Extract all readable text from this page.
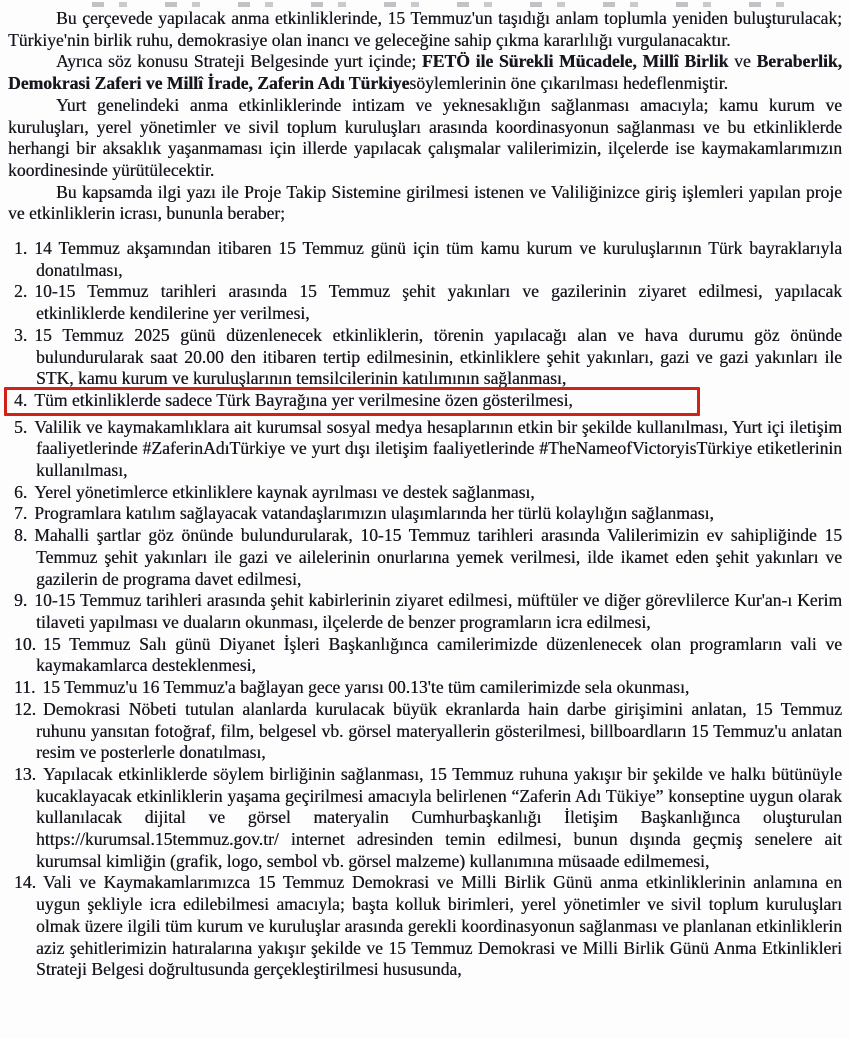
Bu çerçevede yapılacak anma etkinliklerinde, 15 Temmuz'un taşıdığı anlam toplumla yeniden buluşturulacak; Türkiye'nin birlik ruhu, demokrasiye olan inancı ve geleceğine sahip çıkma kararlılığı vurgulanacaktır.

Ayrıca söz konusu Strateji Belgesinde yurt içinde; FETÖ ile Sürekli Mücadele, Millî Birlik ve Beraberlik, Demokrasi Zaferi ve Millî İrade, Zaferin Adı Türkiyesöylemlerinin öne çıkarılması hedeflenmiştir.

Yurt genelindeki anma etkinliklerinde intizam ve yeknesaklığın sağlanması amacıyla; kamu kurum ve kuruluşları, yerel yönetimler ve sivil toplum kuruluşları arasında koordinasyonun sağlanması ve bu etkinliklerde herhangi bir aksaklık yaşanmaması için illerde yapılacak çalışmalar valilerimizin, ilçelerde ise kaymakamlarımızın koordinesinde yürütülecektir.

Bu kapsamda ilgi yazı ile Proje Takip Sistemine girilmesi istenen ve Valiliğinizce giriş işlemleri yapılan proje ve etkinliklerin icrası, bununla beraber;

1. 14 Temmuz akşamından itibaren 15 Temmuz günü için tüm kamu kurum ve kuruluşlarının Türk bayraklarıyla donatılması,
2. 10-15 Temmuz tarihleri arasında 15 Temmuz şehit yakınları ve gazilerinin ziyaret edilmesi, yapılacak etkinliklerde kendilerine yer verilmesi,
3. 15 Temmuz 2025 günü düzenlenecek etkinliklerin, törenin yapılacağı alan ve hava durumu göz önünde bulundurularak saat 20.00 den itibaren tertip edilmesinin, etkinliklere şehit yakınları, gazi ve gazi yakınları ile STK, kamu kurum ve kuruluşlarının temsilcilerinin katılımının sağlanması,
4. Tüm etkinliklerde sadece Türk Bayrağına yer verilmesine özen gösterilmesi,
5. Valilik ve kaymakamlıklara ait kurumsal sosyal medya hesaplarının etkin bir şekilde kullanılması, Yurt içi iletişim faaliyetlerinde #ZaferinAdıTürkiye ve yurt dışı iletişim faaliyetlerinde #TheNameofVictoryisTürkiye etiketlerinin kullanılması,
6. Yerel yönetimlerce etkinliklere kaynak ayrılması ve destek sağlanması,
7. Programlara katılım sağlayacak vatandaşlarımızın ulaşımlarında her türlü kolaylığın sağlanması,
8. Mahalli şartlar göz önünde bulundurularak, 10-15 Temmuz tarihleri arasında Valilerimizin ev sahipliğinde 15 Temmuz şehit yakınları ile gazi ve ailelerinin onurlarına yemek verilmesi, ilde ikamet eden şehit yakınları ve gazilerin de programa davet edilmesi,
9. 10-15 Temmuz tarihleri arasında şehit kabirlerinin ziyaret edilmesi, müftüler ve diğer görevlilerce Kur'an-ı Kerim tilaveti yapılması ve duaların okunması, ilçelerde de benzer programların icra edilmesi,
10. 15 Temmuz Salı günü Diyanet İşleri Başkanlığınca camilerimizde düzenlenecek olan programların vali ve kaymakamlarca desteklenmesi,
11. 15 Temmuz'u 16 Temmuz'a bağlayan gece yarısı 00.13'te tüm camilerimizde sela okunması,
12. Demokrasi Nöbeti tutulan alanlarda kurulacak büyük ekranlarda hain darbe girişimini anlatan, 15 Temmuz ruhunu yansıtan fotoğraf, film, belgesel vb. görsel materyallerin gösterilmesi, billboardların 15 Temmuz'u anlatan resim ve posterlerle donatılması,
13. Yapılacak etkinliklerde söylem birliğinin sağlanması, 15 Temmuz ruhuna yakışır bir şekilde ve halkı bütünüyle kucaklayacak etkinliklerin yaşama geçirilmesi amacıyla belirlenen “Zaferin Adı Tükiye” konseptine uygun olarak kullanılacak dijital ve görsel materyalin Cumhurbaşkanlığı İletişim Başkanlığınca oluşturulan https://kurumsal.15temmuz.gov.tr/ internet adresinden temin edilmesi, bunun dışında geçmiş senelere ait kurumsal kimliğin (grafik, logo, sembol vb. görsel malzeme) kullanımına müsaade edilmemesi,
14. Vali ve Kaymakamlarımızca 15 Temmuz Demokrasi ve Milli Birlik Günü anma etkinliklerinin anlamına en uygun şekliyle icra edilebilmesi amacıyla; başta kolluk birimleri, yerel yönetimler ve sivil toplum kuruluşları olmak üzere ilgili tüm kurum ve kuruluşlar arasında gerekli koordinasyonun sağlanması ve planlanan etkinliklerin aziz şehitlerimizin hatıralarına yakışır şekilde ve 15 Temmuz Demokrasi ve Milli Birlik Günü Anma Etkinlikleri Strateji Belgesi doğrultusunda gerçekleştirilmesi hususunda,
